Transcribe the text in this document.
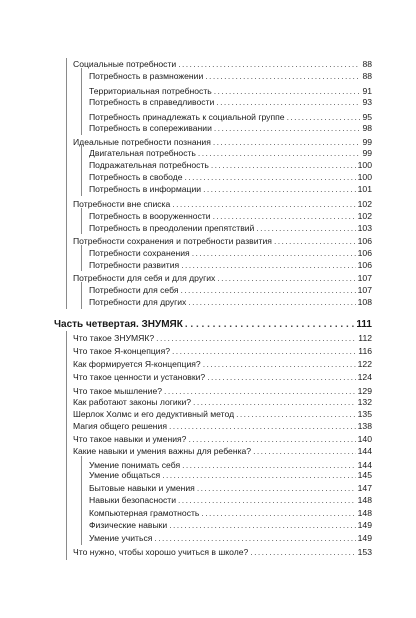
Социальные потребности . . .	88
Потребность в размножении . . .	88
Территориальная потребность . . .	91
Потребность в справедливости . . .	93
Потребность принадлежать к социальной группе . . .	95
Потребность в сопереживании . . .	98
Идеальные потребности познания . . .	99
Двигательная потребность . . .	99
Подражательная потребность . . .	100
Потребность в свободе . . .	100
Потребность в информации . . .	101
Потребности вне списка . . .	102
Потребность в вооруженности . . .	102
Потребность в преодолении препятствий . . .	103
Потребности сохранения и потребности развития . . .	106
Потребности сохранения . . .	106
Потребности развития . . .	106
Потребности для себя и для других . . .	107
Потребности для себя . . .	107
Потребности для других . . .	108
Часть четвертая. ЗНУМЯК . . .	111
Что такое ЗНУМЯК? . . .	112
Что такое Я-концепция? . . .	116
Как формируется Я-концепция? . . .	122
Что такое ценности и установки? . . .	124
Что такое мышление? . . .	129
Как работают законы логики? . . .	132
Шерлок Холмс и его дедуктивный метод . . .	135
Магия общего решения . . .	138
Что такое навыки и умения? . . .	140
Какие навыки и умения важны для ребенка? . . .	144
Умение понимать себя . . .	144
Умение общаться . . .	145
Бытовые навыки и умения . . .	147
Навыки безопасности . . .	148
Компьютерная грамотность . . .	148
Физические навыки . . .	149
Умение учиться . . .	149
Что нужно, чтобы хорошо учиться в школе? . . .	153
